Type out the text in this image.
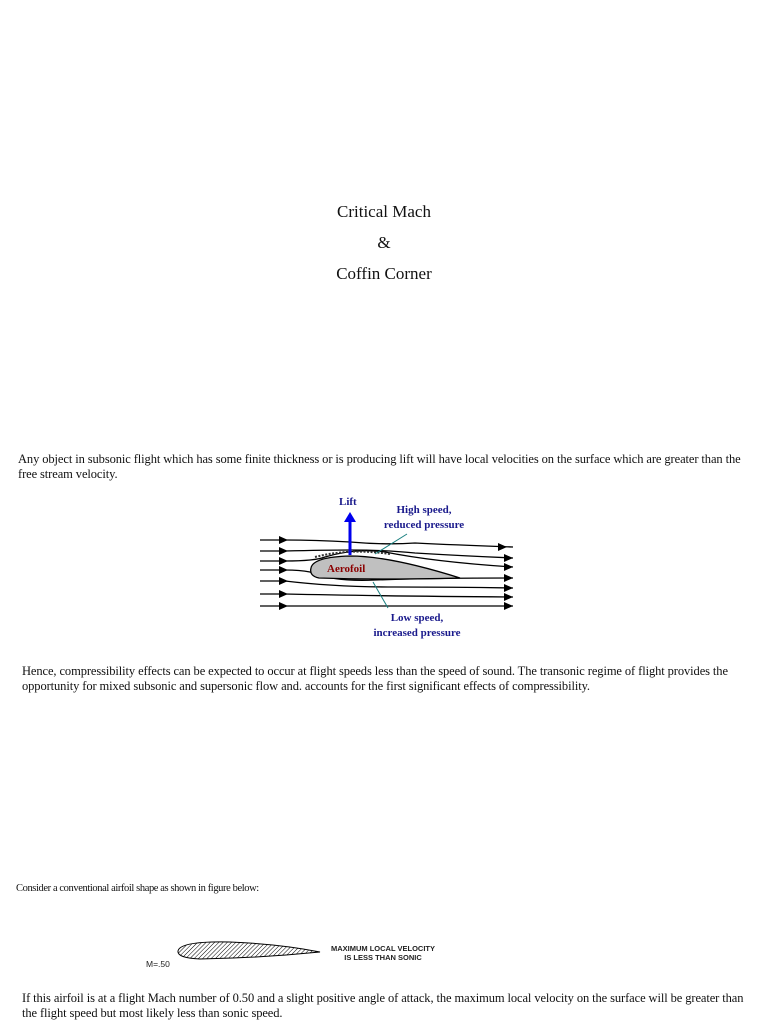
Critical Mach
&
Coffin Corner
Any object in subsonic flight which has some finite thickness or is producing lift will have local velocities on the surface which are greater than the free stream velocity.
Aerofoil
Lift
High speed,
reduced pressure
Low speed,
increased pressure
Hence, compressibility effects can be expected to occur at flight speeds less than the speed of sound. The transonic regime of flight provides the opportunity for mixed subsonic and supersonic flow and. accounts for the first significant effects of compressibility.
Consider a conventional airfoil shape as shown in figure below:
M=.50
MAXIMUM LOCAL VELOCITY
IS LESS THAN SONIC
If this airfoil is at a flight Mach number of 0.50 and a slight positive angle of attack, the maximum local velocity on the surface will be greater than the flight speed but most likely less than sonic speed.
